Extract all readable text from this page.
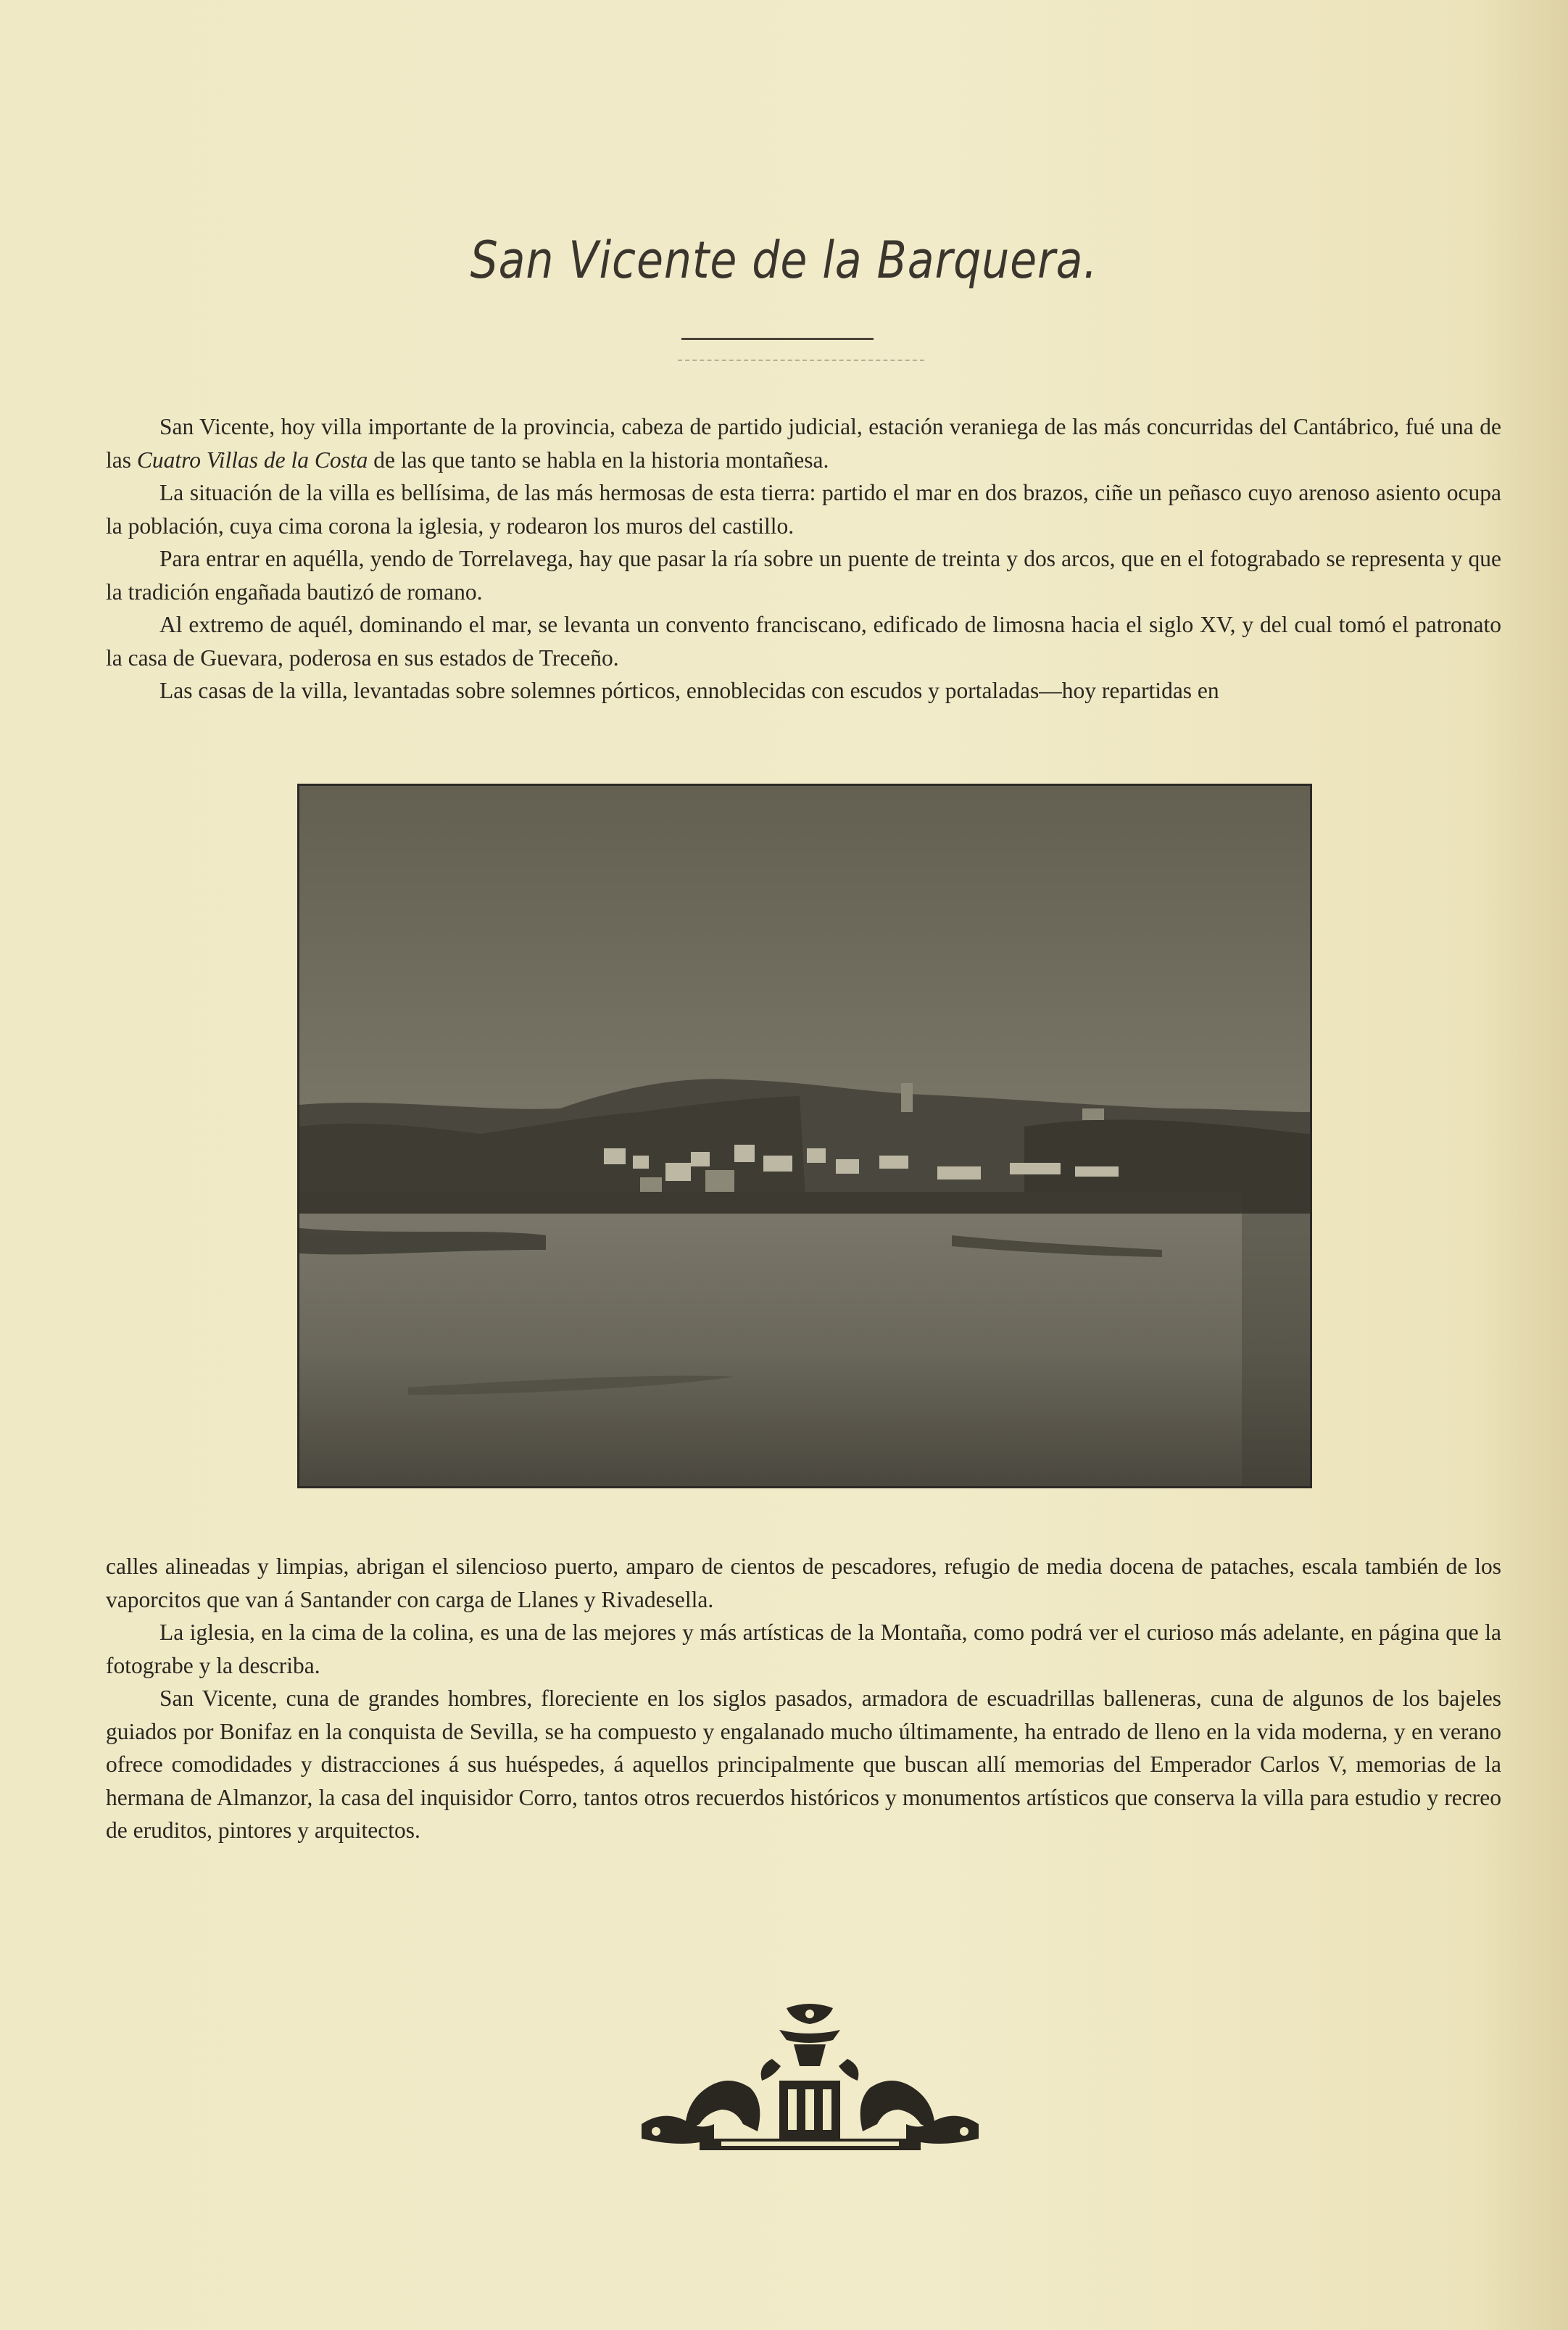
San Vicente de la Barquera.

San Vicente, hoy villa importante de la provincia, cabeza de partido judicial, estación veraniega de las más concurridas del Cantábrico, fué una de las Cuatro Villas de la Costa de las que tanto se habla en la historia montañesa.

La situación de la villa es bellísima, de las más hermosas de esta tierra: partido el mar en dos brazos, ciñe un peñasco cuyo arenoso asiento ocupa la población, cuya cima corona la iglesia, y rodearon los muros del castillo.

Para entrar en aquélla, yendo de Torrelavega, hay que pasar la ría sobre un puente de treinta y dos arcos, que en el fotograbado se representa y que la tradición engañada bautizó de romano.

Al extremo de aquél, dominando el mar, se levanta un convento franciscano, edificado de limosna hacia el siglo XV, y del cual tomó el patronato la casa de Guevara, poderosa en sus estados de Treceño.

Las casas de la villa, levantadas sobre solemnes pórticos, ennoblecidas con escudos y portaladas—hoy repartidas en

calles alineadas y limpias, abrigan el silencioso puerto, amparo de cientos de pescadores, refugio de media docena de pataches, escala también de los vaporcitos que van á Santander con carga de Llanes y Rivadesella.

La iglesia, en la cima de la colina, es una de las mejores y más artísticas de la Montaña, como podrá ver el curioso más adelante, en página que la fotograbe y la describa.

San Vicente, cuna de grandes hombres, floreciente en los siglos pasados, armadora de escuadrillas balleneras, cuna de algunos de los bajeles guiados por Bonifaz en la conquista de Sevilla, se ha compuesto y engalanado mucho últimamente, ha entrado de lleno en la vida moderna, y en verano ofrece comodidades y distracciones á sus huéspedes, á aquellos principalmente que buscan allí memorias del Emperador Carlos V, memorias de la hermana de Almanzor, la casa del inquisidor Corro, tantos otros recuerdos históricos y monumentos artísticos que conserva la villa para estudio y recreo de eruditos, pintores y arquitectos.
